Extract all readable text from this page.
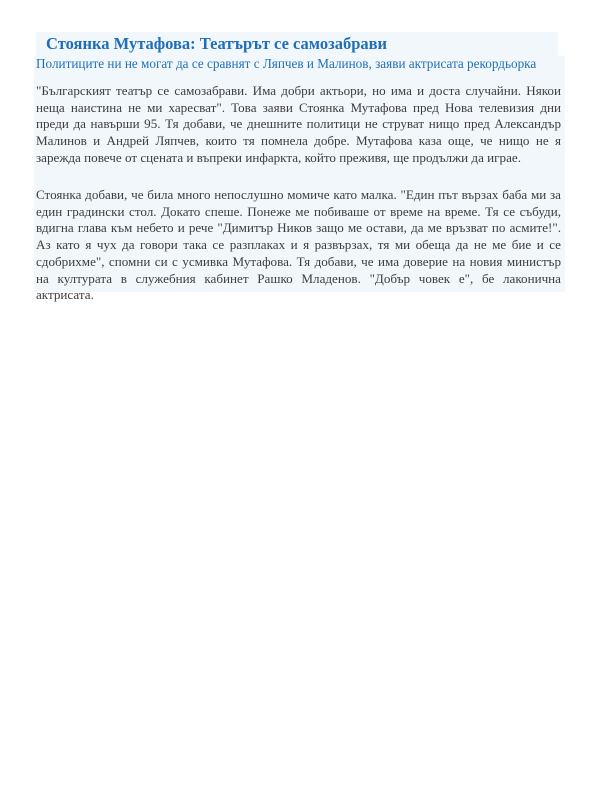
Стоянка Мутафова: Театърът се самозабрави

Политиците ни не могат да се сравнят с Ляпчев и Малинов, заяви актрисата рекордьорка

"Българският театър се самозабрави. Има добри актьори, но има и доста случайни. Някои неща наистина не ми харесват". Това заяви Стоянка Мутафова пред Нова телевизия дни преди да навърши 95. Тя добави, че днешните политици не струват нищо пред Александър Малинов и Андрей Ляпчев, които тя помнела добре. Мутафова каза още, че нищо не я зарежда повече от сцената и въпреки инфаркта, който преживя, ще продължи да играе.

Стоянка добави, че била много непослушно момиче като малка. "Един път вързах баба ми за един градински стол. Докато спеше. Понеже ме побиваше от време на време. Тя се събуди, вдигна глава към небето и рече "Димитър Ников защо ме остави, да ме връзват по асмите!". Аз като я чух да говори така се разплаках и я развързах, тя ми обеща да не ме бие и се сдобрихме", спомни си с усмивка Мутафова. Тя добави, че има доверие на новия министър на културата в служебния кабинет Рашко Младенов. "Добър човек е", бе лаконична актрисата.
